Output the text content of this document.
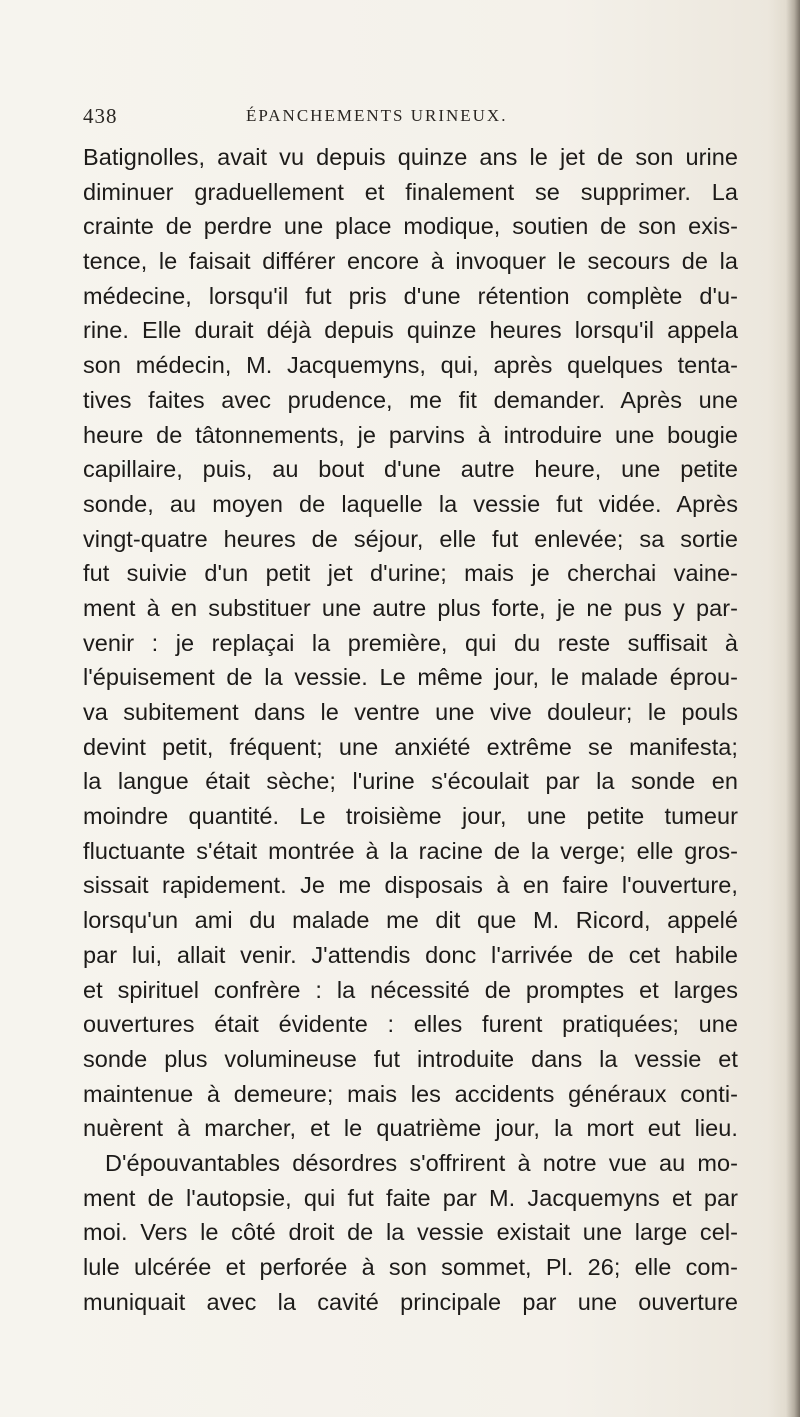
438	ÉPANCHEMENTS URINEUX.
Batignolles, avait vu depuis quinze ans le jet de son urine
diminuer graduellement et finalement se supprimer. La
crainte de perdre une place modique, soutien de son exis-
tence, le faisait différer encore à invoquer le secours de la
médecine, lorsqu'il fut pris d'une rétention complète d'u-
rine. Elle durait déjà depuis quinze heures lorsqu'il appela
son médecin, M. Jacquemyns, qui, après quelques tenta-
tives faites avec prudence, me fit demander. Après une
heure de tâtonnements, je parvins à introduire une bougie
capillaire, puis, au bout d'une autre heure, une petite
sonde, au moyen de laquelle la vessie fut vidée. Après
vingt-quatre heures de séjour, elle fut enlevée; sa sortie
fut suivie d'un petit jet d'urine; mais je cherchai vaine-
ment à en substituer une autre plus forte, je ne pus y par-
venir : je replaçai la première, qui du reste suffisait à
l'épuisement de la vessie. Le même jour, le malade éprou-
va subitement dans le ventre une vive douleur; le pouls
devint petit, fréquent; une anxiété extrême se manifesta;
la langue était sèche; l'urine s'écoulait par la sonde en
moindre quantité. Le troisième jour, une petite tumeur
fluctuante s'était montrée à la racine de la verge; elle gros-
sissait rapidement. Je me disposais à en faire l'ouverture,
lorsqu'un ami du malade me dit que M. Ricord, appelé
par lui, allait venir. J'attendis donc l'arrivée de cet habile
et spirituel confrère : la nécessité de promptes et larges
ouvertures était évidente : elles furent pratiquées; une
sonde plus volumineuse fut introduite dans la vessie et
maintenue à demeure; mais les accidents généraux conti-
nuèrent à marcher, et le quatrième jour, la mort eut lieu.
D'épouvantables désordres s'offrirent à notre vue au mo-
ment de l'autopsie, qui fut faite par M. Jacquemyns et par
moi. Vers le côté droit de la vessie existait une large cel-
lule ulcérée et perforée à son sommet, Pl. 26; elle com-
muniquait avec la cavité principale par une ouverture
